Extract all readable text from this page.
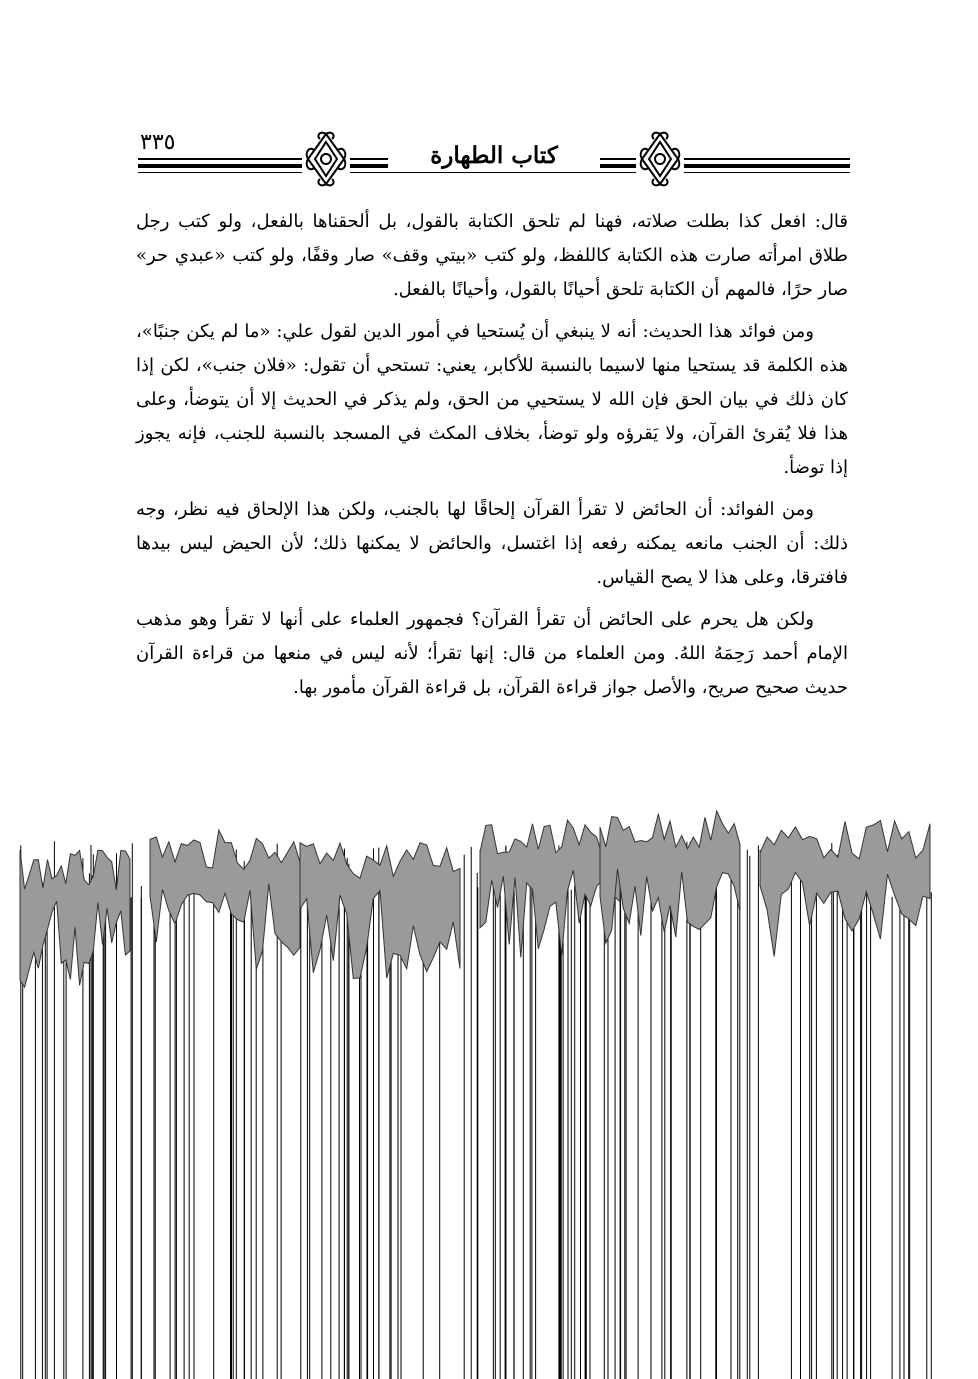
٣٣٥	كتاب الطهارة

قال: افعل كذا بطلت صلاته، فهنا لم تلحق الكتابة بالقول، بل ألحقناها بالفعل، ولو كتب رجل طلاق امرأته صارت هذه الكتابة كاللفظ، ولو كتب «بيتي وقف» صار وقفًا، ولو كتب «عبدي حر» صار حرًا، فالمهم أن الكتابة تلحق أحيانًا بالقول، وأحيانًا بالفعل.

ومن فوائد هذا الحديث: أنه لا ينبغي أن يُستحيا في أمور الدين لقول علي: «ما لم يكن جنبًا»، هذه الكلمة قد يستحيا منها لاسيما بالنسبة للأكابر، يعني: تستحي أن تقول: «فلان جنب»، لكن إذا كان ذلك في بيان الحق فإن الله لا يستحيي من الحق، ولم يذكر في الحديث إلا أن يتوضأ، وعلى هذا فلا يُقرئ القرآن، ولا يَقرؤه ولو توضأ، بخلاف المكث في المسجد بالنسبة للجنب، فإنه يجوز إذا توضأ.

ومن الفوائد: أن الحائض لا تقرأ القرآن إلحاقًا لها بالجنب، ولكن هذا الإلحاق فيه نظر، وجه ذلك: أن الجنب مانعه يمكنه رفعه إذا اغتسل، والحائض لا يمكنها ذلك؛ لأن الحيض ليس بيدها فافترقا، وعلى هذا لا يصح القياس.

ولكن هل يحرم على الحائض أن تقرأ القرآن؟ فجمهور العلماء على أنها لا تقرأ وهو مذهب الإمام أحمد رَحِمَهُ اللهُ. ومن العلماء من قال: إنها تقرأ؛ لأنه ليس في منعها من قراءة القرآن حديث صحيح صريح، والأصل جواز قراءة القرآن، بل قراءة القرآن مأمور بها.
